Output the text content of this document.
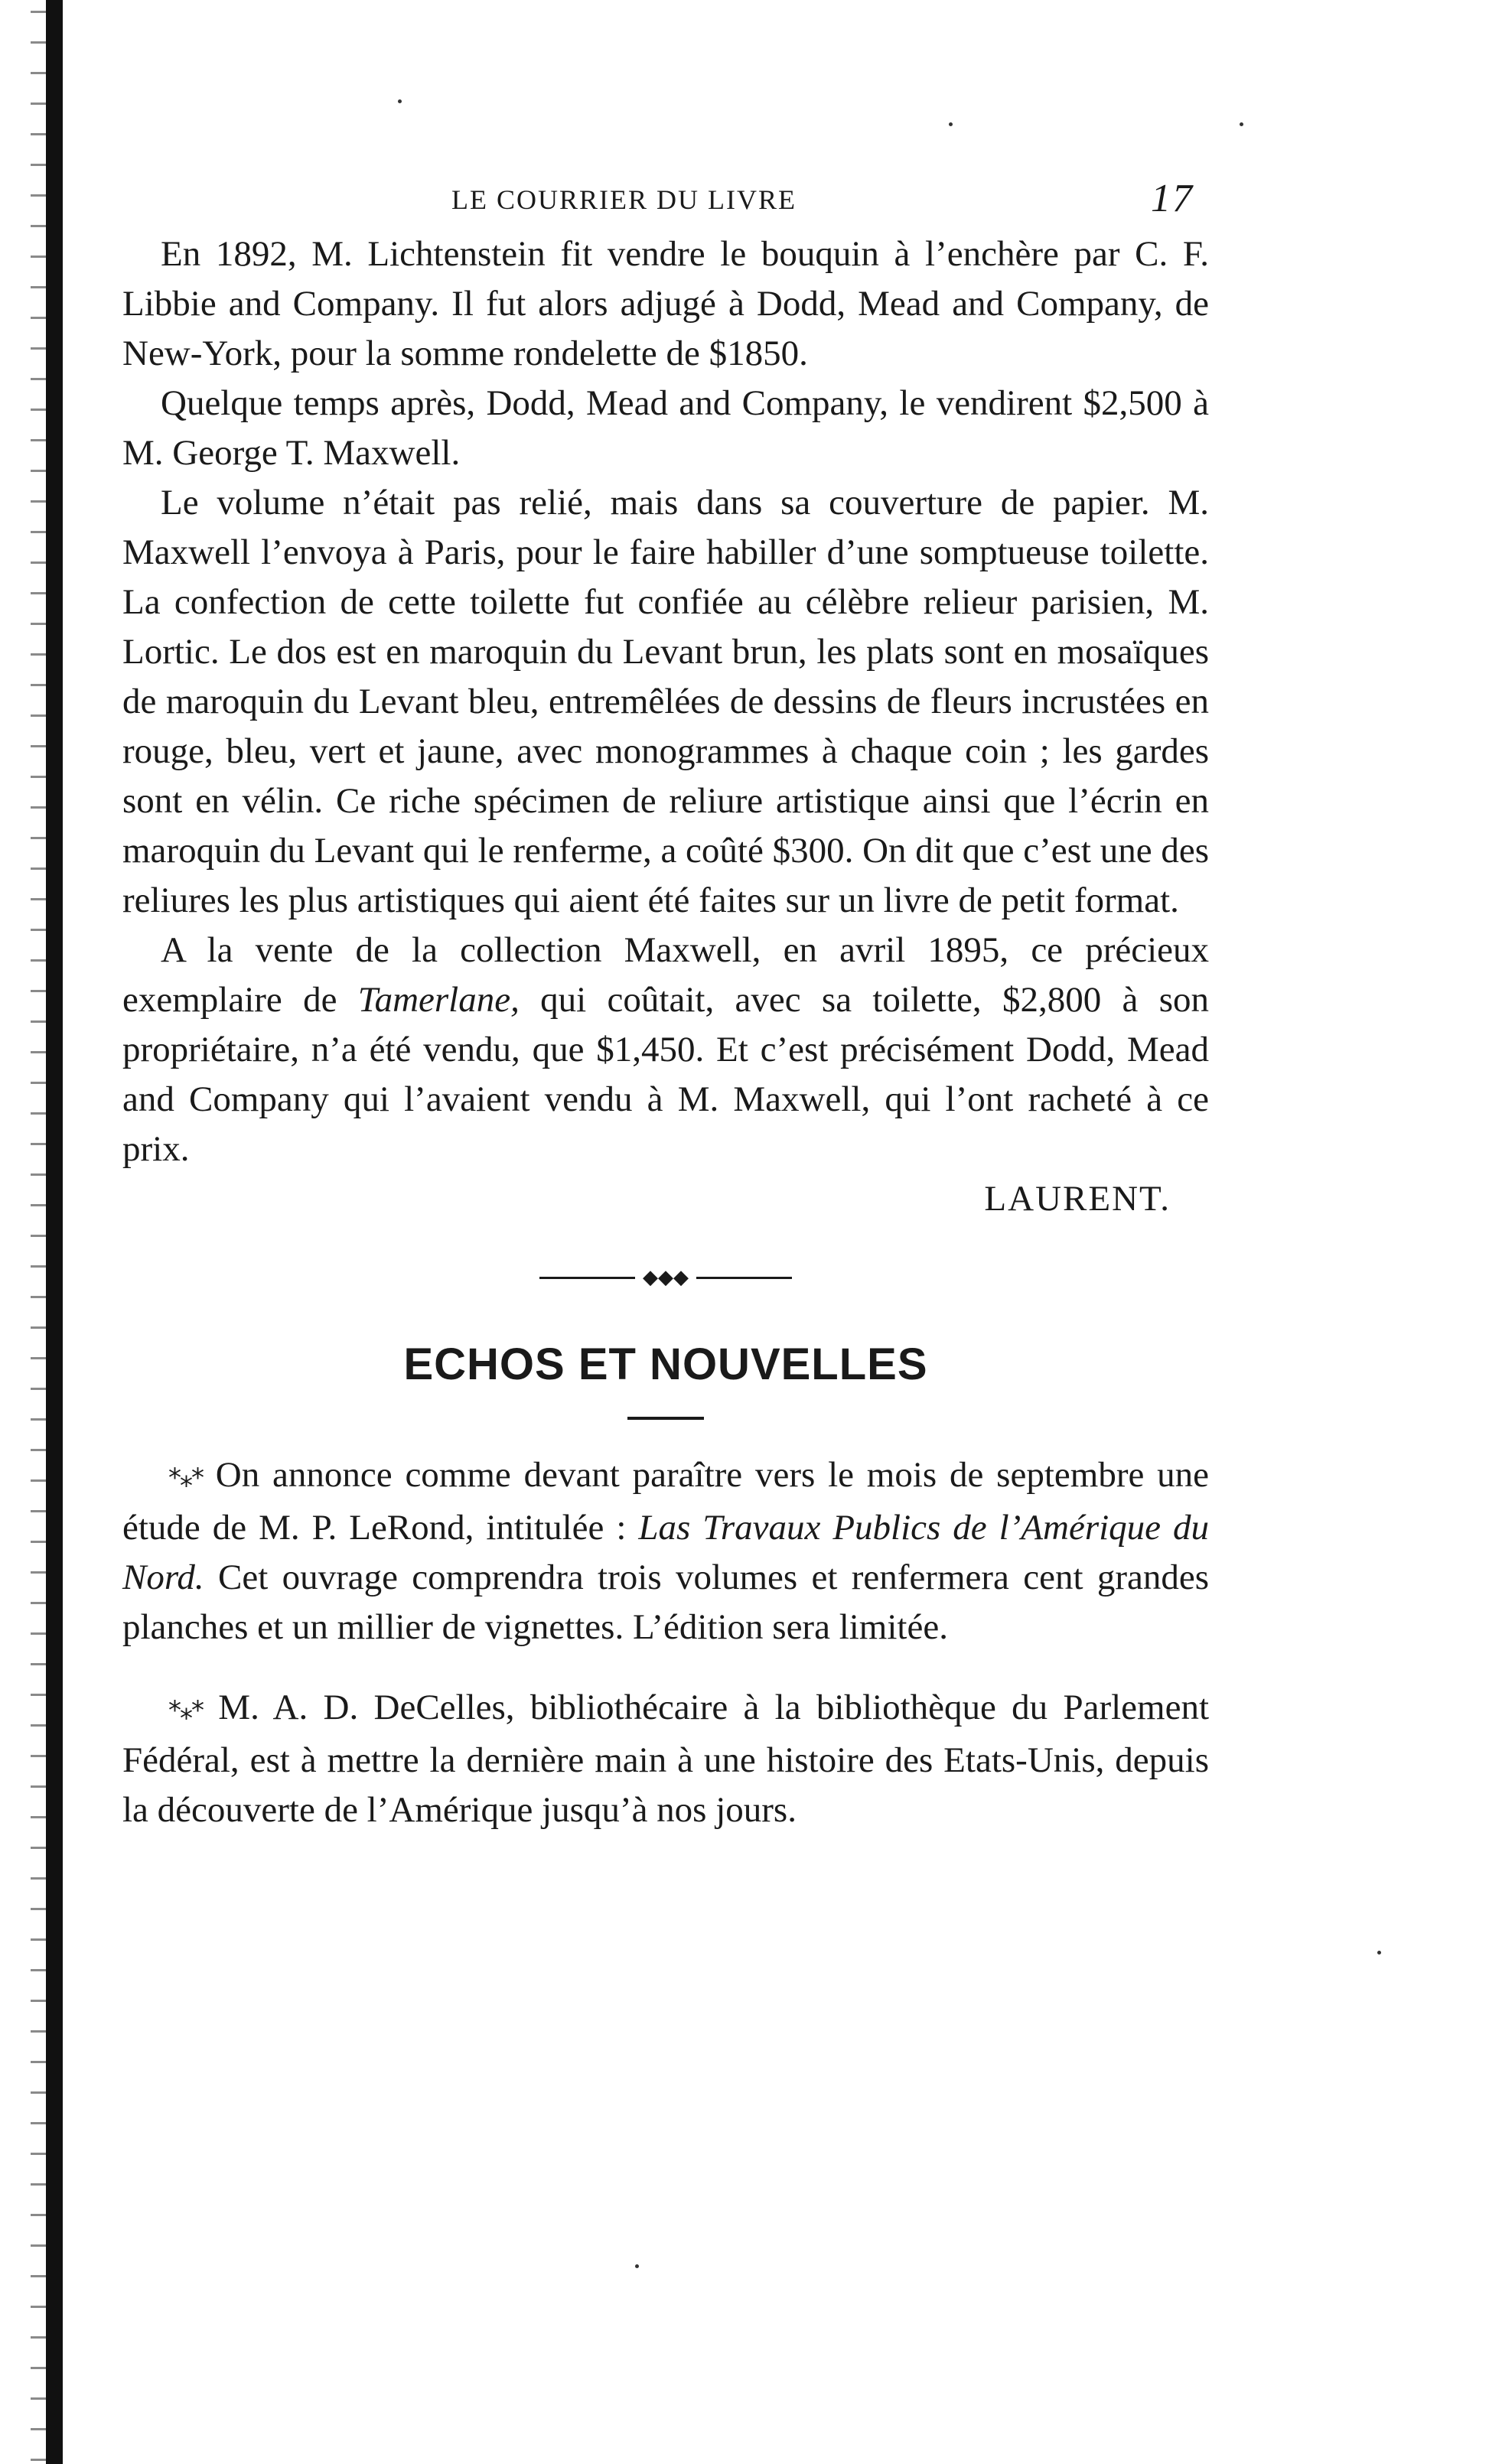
LE COURRIER DU LIVRE	17

En 1892, M. Lichtenstein fit vendre le bouquin à l’enchère par C. F. Libbie and Company. Il fut alors adjugé à Dodd, Mead and Company, de New-York, pour la somme rondelette de $1850.

Quelque temps après, Dodd, Mead and Company, le vendirent $2,500 à M. George T. Maxwell.

Le volume n’était pas relié, mais dans sa couverture de papier. M. Maxwell l’envoya à Paris, pour le faire habiller d’une somptueuse toilette. La confection de cette toilette fut confiée au célèbre relieur parisien, M. Lortic. Le dos est en maroquin du Levant brun, les plats sont en mosaïques de maroquin du Levant bleu, entremêlées de dessins de fleurs incrustées en rouge, bleu, vert et jaune, avec monogrammes à chaque coin ; les gardes sont en vélin. Ce riche spécimen de reliure artistique ainsi que l’écrin en maroquin du Levant qui le renferme, a coûté $300. On dit que c’est une des reliures les plus artistiques qui aient été faites sur un livre de petit format.

A la vente de la collection Maxwell, en avril 1895, ce précieux exemplaire de Tamerlane, qui coûtait, avec sa toilette, $2,800 à son propriétaire, n’a été vendu, que $1,450. Et c’est précisément Dodd, Mead and Company qui l’avaient vendu à M. Maxwell, qui l’ont racheté à ce prix.

LAURENT.

◆◆◆
ECHOS ET NOUVELLES

*⁎* On annonce comme devant paraître vers le mois de septembre une étude de M. P. LeRond, intitulée : Las Travaux Publics de l’Amérique du Nord. Cet ouvrage comprendra trois volumes et renfermera cent grandes planches et un millier de vignettes. L’édition sera limitée.

*⁎* M. A. D. DeCelles, bibliothécaire à la bibliothèque du Parlement Fédéral, est à mettre la dernière main à une histoire des Etats-Unis, depuis la découverte de l’Amérique jusqu’à nos jours.
